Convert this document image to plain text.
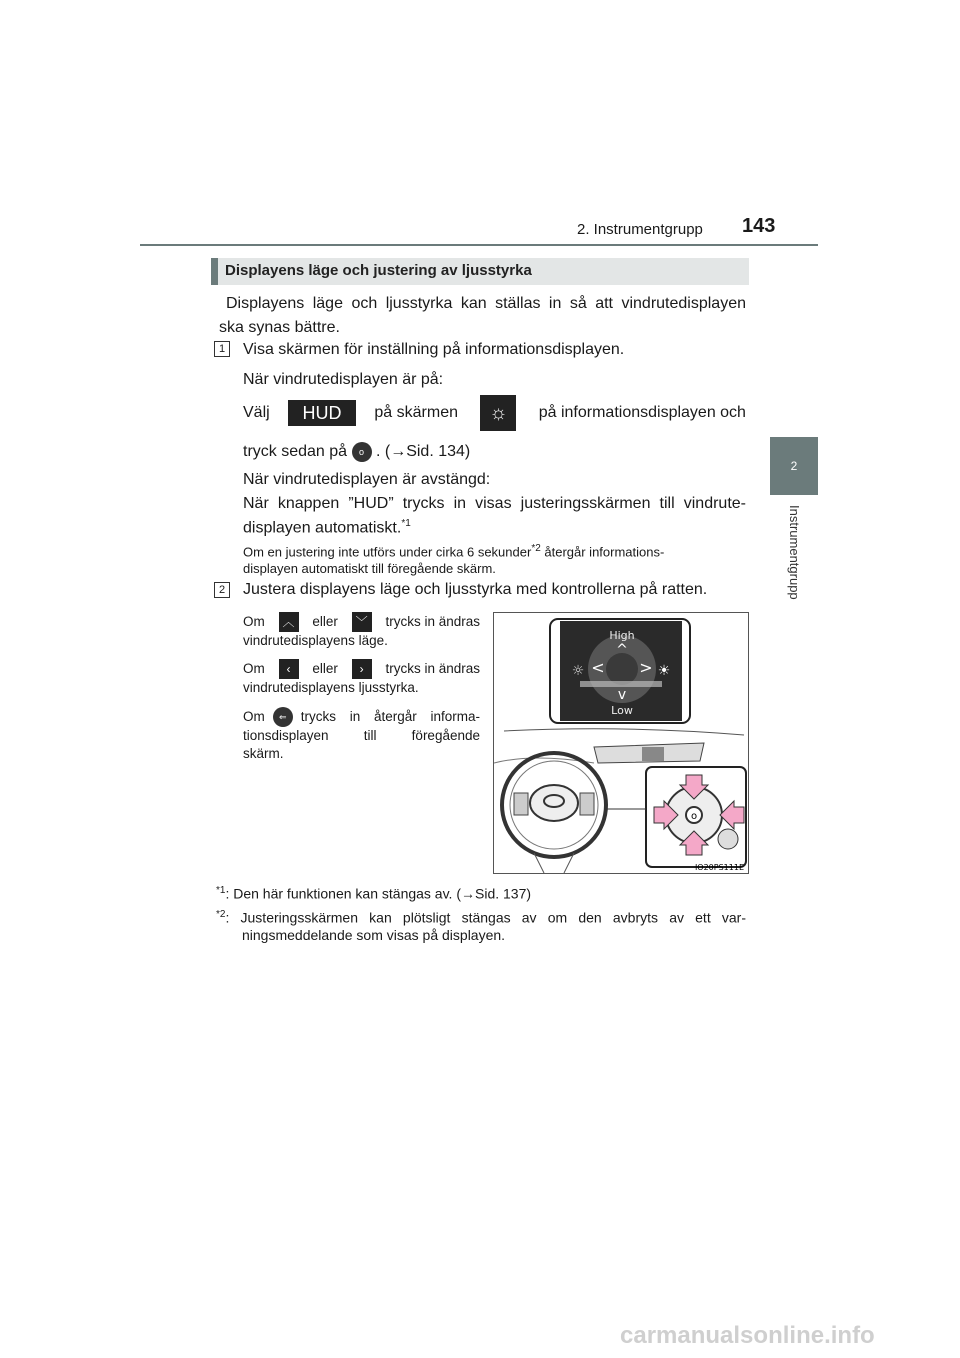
2. Instrumentgrupp 143
2
Instrumentgrupp
Displayens läge och justering av ljusstyrka
Displayens läge och ljusstyrka kan ställas in så att vindrutedisplayen
ska synas bättre.
1	Visa skärmen för inställning på informationsdisplayen.
När vindrutedisplayen är på:
Välj	HUD	på skärmen	☼	på informationsdisplayen och
tryck sedan på o . (→Sid. 134)
När vindrutedisplayen är avstängd:
När knappen ”HUD” trycks in visas justeringsskärmen till vindrute-
displayen automatiskt.$^{*1}$
Om en justering inte utförs under cirka 6 sekunder$^{*2}$ återgår informations-
displayen automatiskt till föregående skärm.
2	Justera displayens läge och ljusstyrka med kontrollerna på ratten.
Om	︿ eller	﹀ trycks in ändras
vindrutedisplayens läge.
Om	‹	eller	›	trycks in ändras
vindrutedisplayens ljusstyrka.
Om	⇐	trycks in återgår informa-
tionsdisplayen till föregående
skärm.
High
Low
^
v
< >
☼	☀
o
IO20PS111E
$^{*1}$: Den här funktionen kan stängas av. (→Sid. 137)
$^{*2}$: Justeringsskärmen kan plötsligt stängas av om den avbryts av ett var-
ningsmeddelande som visas på displayen.
carmanualsonline.info
